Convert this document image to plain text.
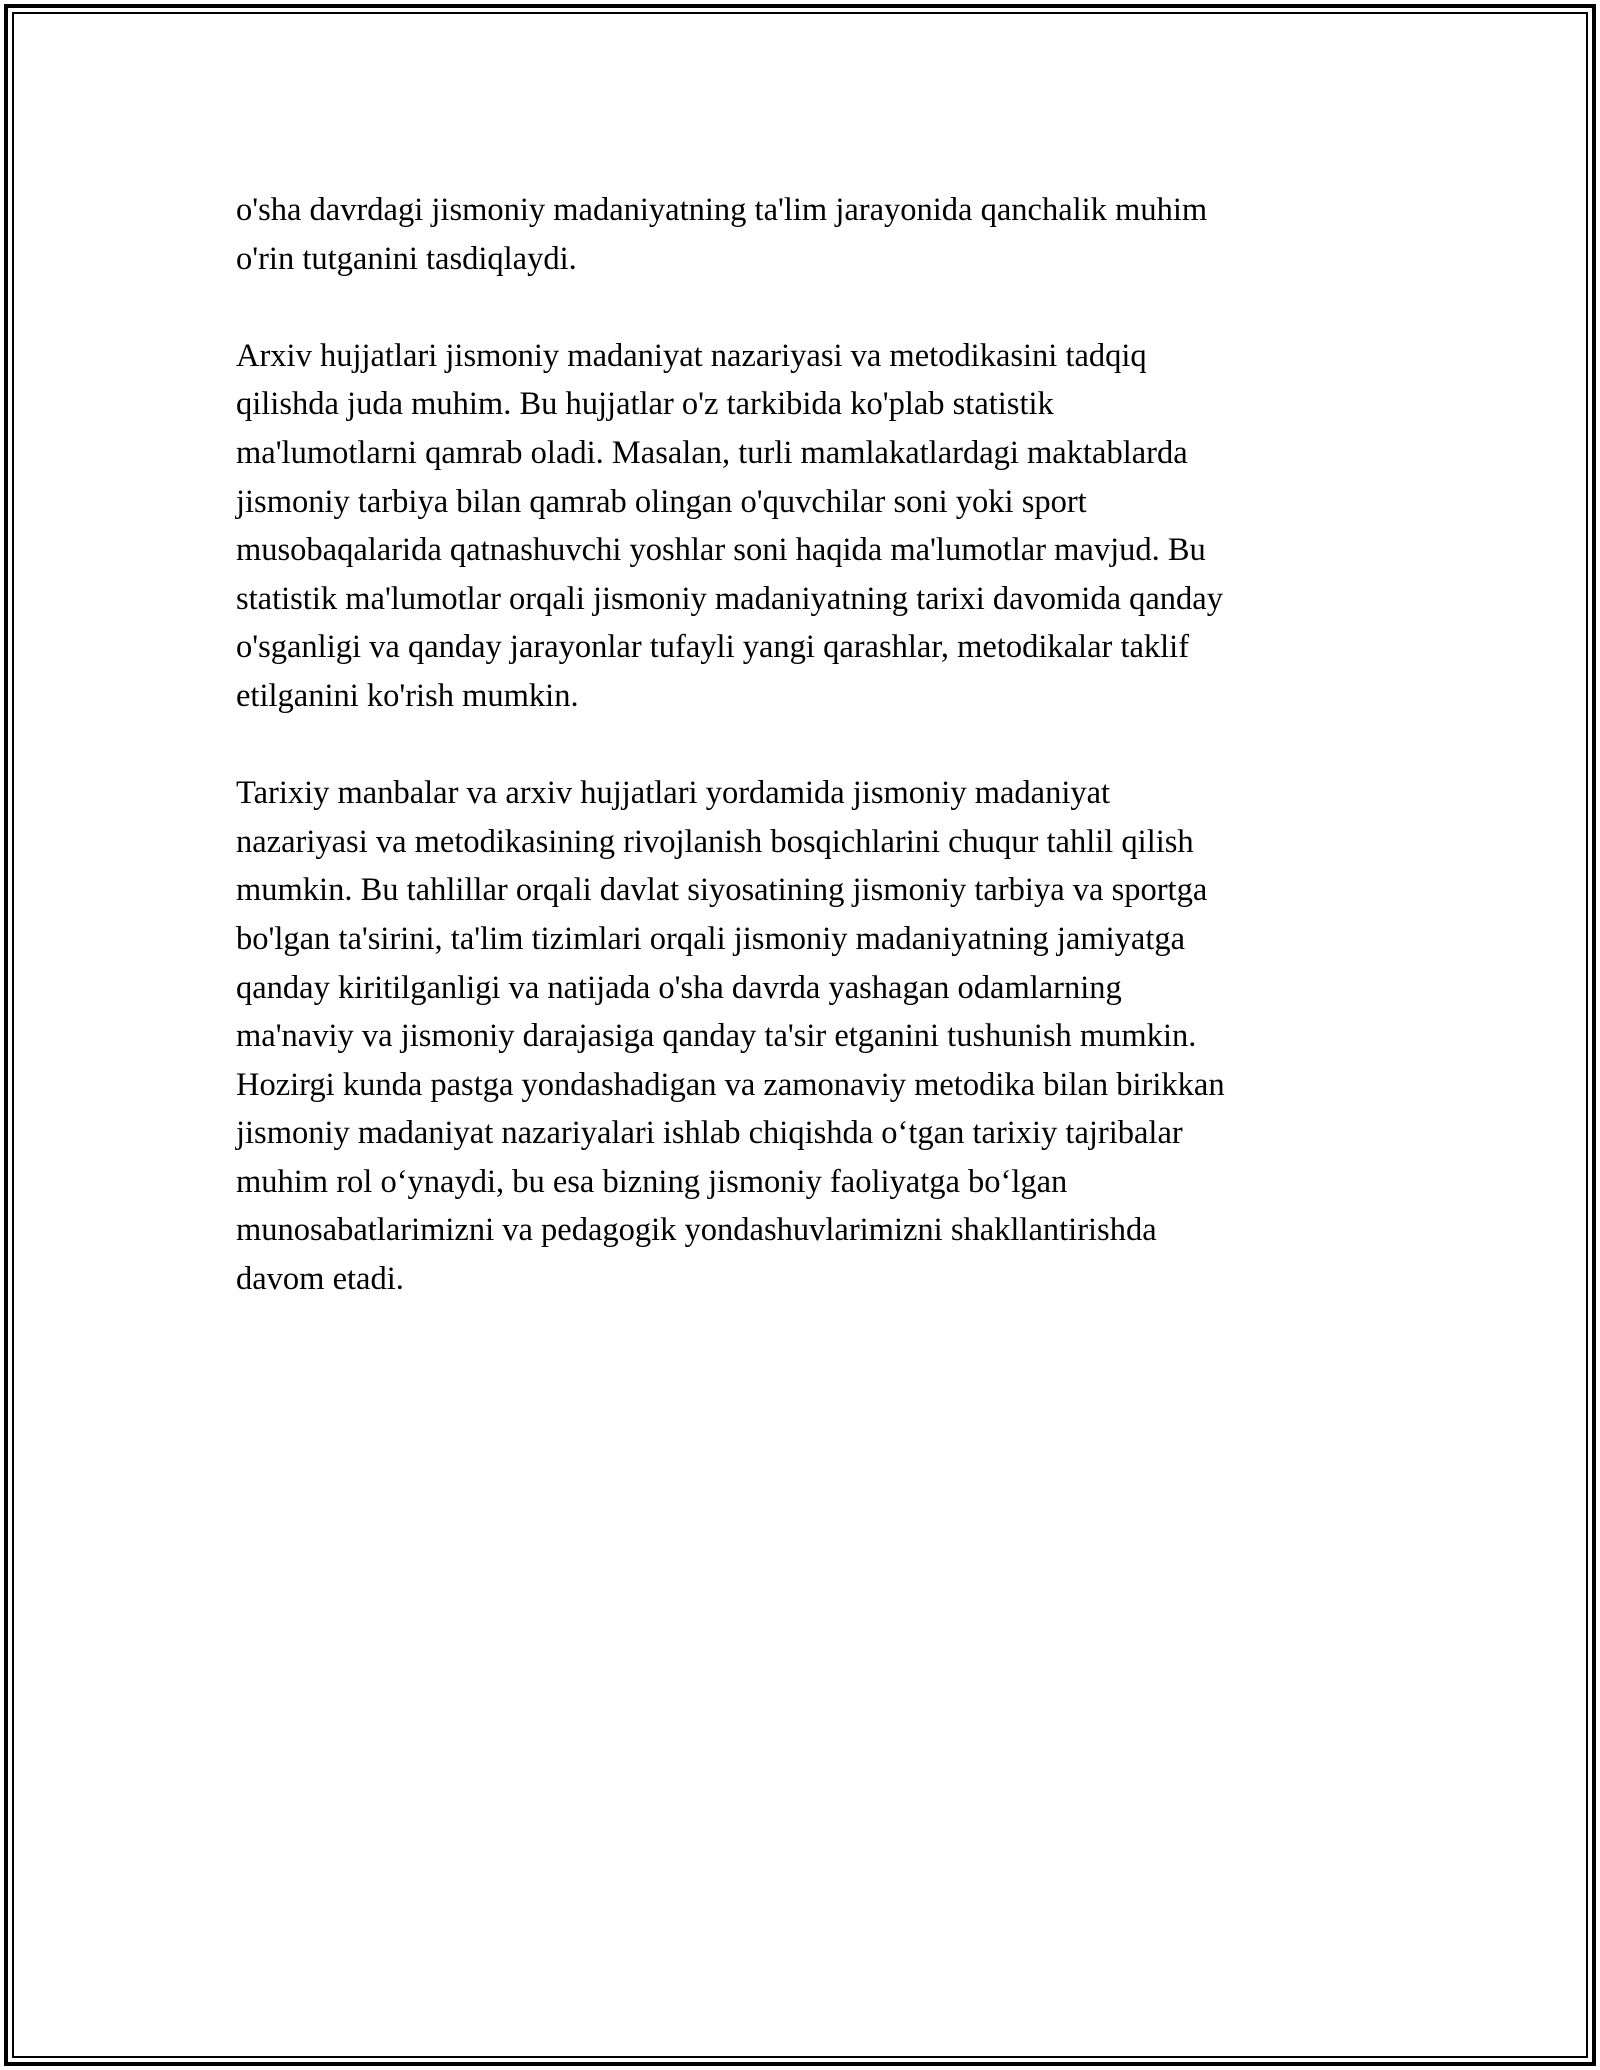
o'sha davrdagi jismoniy madaniyatning ta'lim jarayonida qanchalik muhim
o'rin tutganini tasdiqlaydi.

Arxiv hujjatlari jismoniy madaniyat nazariyasi va metodikasini tadqiq
qilishda juda muhim. Bu hujjatlar o'z tarkibida ko'plab statistik
ma'lumotlarni qamrab oladi. Masalan, turli mamlakatlardagi maktablarda
jismoniy tarbiya bilan qamrab olingan o'quvchilar soni yoki sport
musobaqalarida qatnashuvchi yoshlar soni haqida ma'lumotlar mavjud. Bu
statistik ma'lumotlar orqali jismoniy madaniyatning tarixi davomida qanday
o'sganligi va qanday jarayonlar tufayli yangi qarashlar, metodikalar taklif
etilganini ko'rish mumkin.

Tarixiy manbalar va arxiv hujjatlari yordamida jismoniy madaniyat
nazariyasi va metodikasining rivojlanish bosqichlarini chuqur tahlil qilish
mumkin. Bu tahlillar orqali davlat siyosatining jismoniy tarbiya va sportga
bo'lgan ta'sirini, ta'lim tizimlari orqali jismoniy madaniyatning jamiyatga
qanday kiritilganligi va natijada o'sha davrda yashagan odamlarning
ma'naviy va jismoniy darajasiga qanday ta'sir etganini tushunish mumkin.
Hozirgi kunda pastga yondashadigan va zamonaviy metodika bilan birikkan
jismoniy madaniyat nazariyalari ishlab chiqishda o‘tgan tarixiy tajribalar
muhim rol o‘ynaydi, bu esa bizning jismoniy faoliyatga bo‘lgan
munosabatlarimizni va pedagogik yondashuvlarimizni shakllantirishda
davom etadi.
